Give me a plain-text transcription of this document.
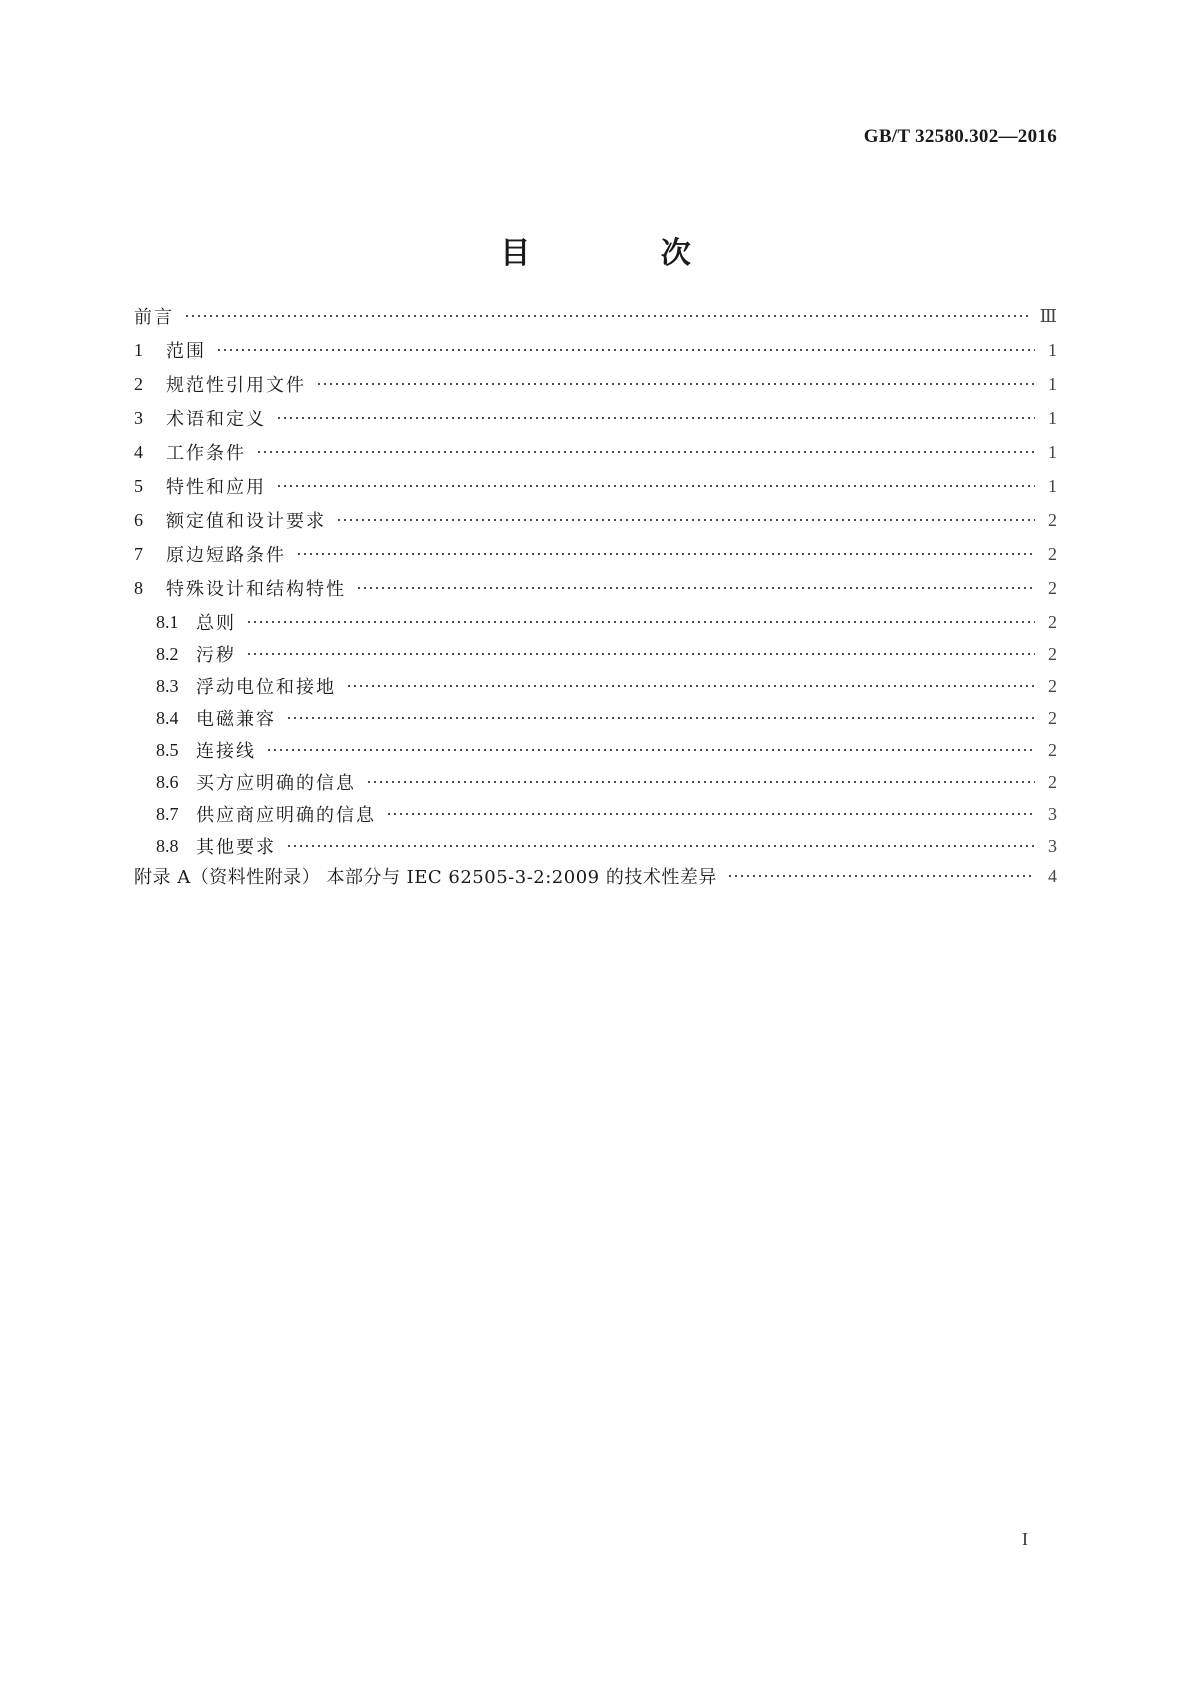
GB/T 32580.302—2016
目 次
前言	Ⅲ
1	范围	1
2	规范性引用文件	1
3	术语和定义	1
4	工作条件	1
5	特性和应用	1
6	额定值和设计要求	2
7	原边短路条件	2
8	特殊设计和结构特性	2
8.1 总则	2
8.2 污秽	2
8.3 浮动电位和接地	2
8.4 电磁兼容	2
8.5 连接线	2
8.6 买方应明确的信息	2
8.7 供应商应明确的信息	3
8.8 其他要求	3
附录 A（资料性附录） 本部分与 IEC 62505-3-2:2009 的技术性差异	4
I
